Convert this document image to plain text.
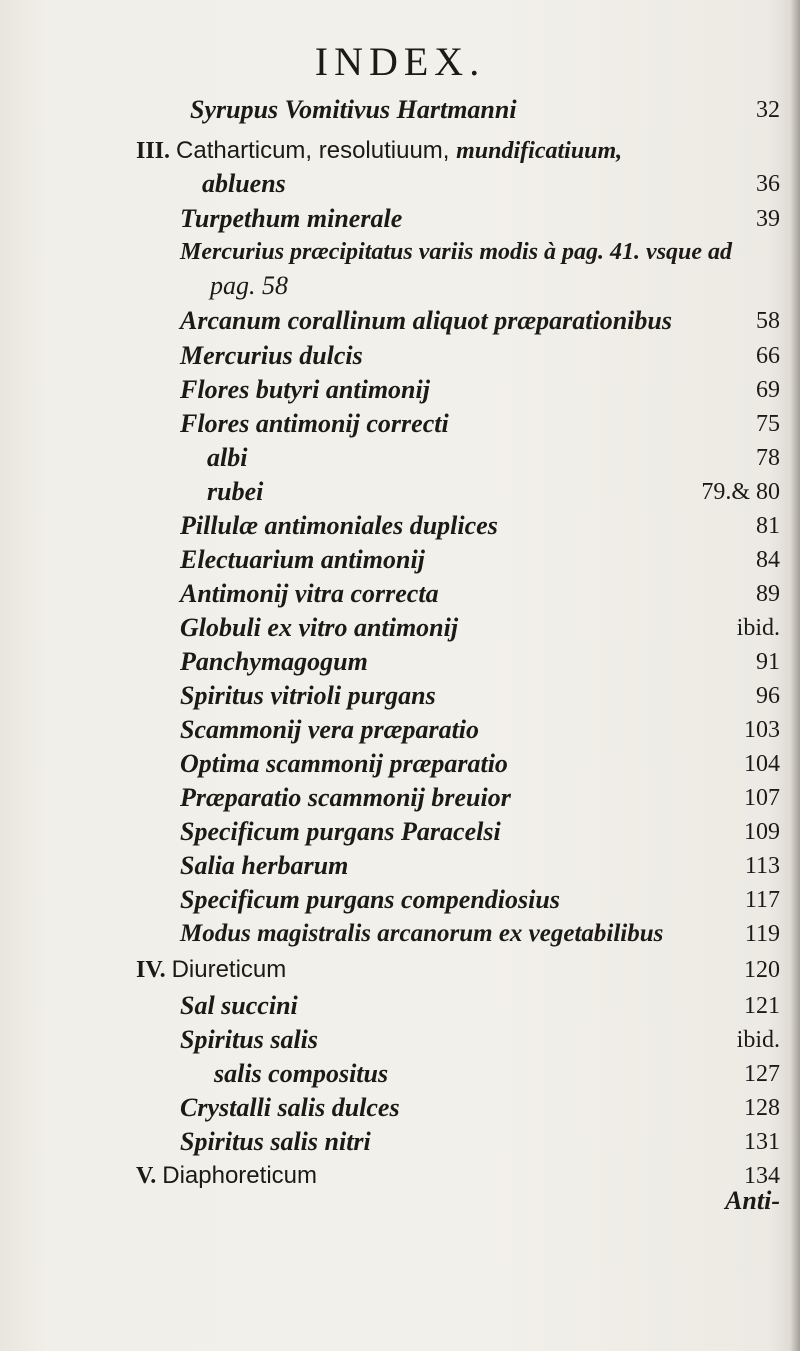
INDEX.
Syrupus Vomitivus Hartmanni	32
III. Catharticum, resolutiuum, mundificatiuum,
abluens	36
Turpethum minerale	39
Mercurius præcipitatus variis modis à pag. 41. vsque ad
pag. 58
Arcanum corallinum aliquot præparationibus	58
Mercurius dulcis	66
Flores butyri antimonij	69
Flores antimonij correcti	75
albi	78
rubei	79.& 80
Pillulæ antimoniales duplices	81
Electuarium antimonij	84
Antimonij vitra correcta	89
Globuli ex vitro antimonij	ibid.
Panchymagogum	91
Spiritus vitrioli purgans	96
Scammonij vera præparatio	103
Optima scammonij præparatio	104
Præparatio scammonij breuior	107
Specificum purgans Paracelsi	109
Salia herbarum	113
Specificum purgans compendiosius	117
Modus magistralis arcanorum ex vegetabilibus	119
IV. Diureticum	120
Sal succini	121
Spiritus salis	ibid.
salis compositus	127
Crystalli salis dulces	128
Spiritus salis nitri	131
V. Diaphoreticum	134
Anti-
